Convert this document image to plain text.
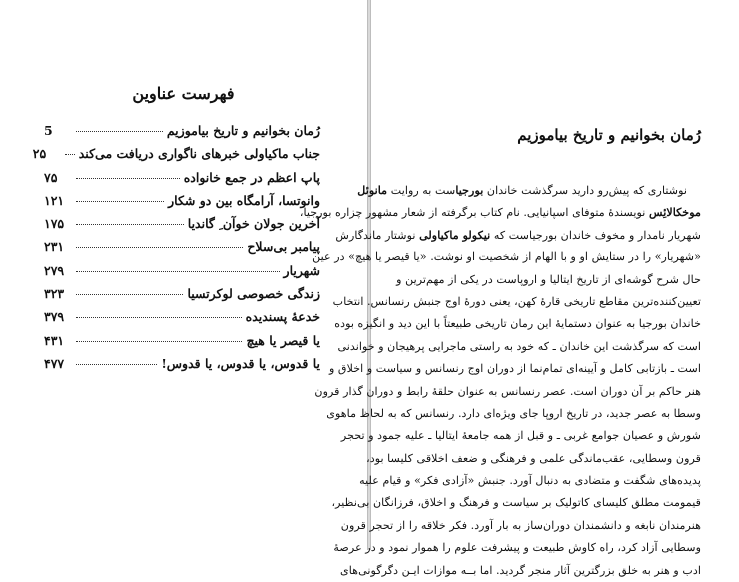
فهرست عناوین
رُمان بخوانیم و تاریخ بیاموزیم
5
جناب ماکیاولی خبرهای ناگواری دریافت می‌کند
۲۵
پاپ اعظم در جمع خانواده
۷۵
وانوتسا، آرامگاه بین دو شکار
۱۲۱
آخرین جولان خوآن ِ گاندیا
۱۷۵
پیامبر بی‌سلاح
۲۳۱
شهریار
۲۷۹
زندگی خصوصی لوکرتسیا
۳۲۳
خدعهٔ پسندیده
۳۷۹
یا قیصر یا هیچ
۴۳۱
یا قدوس، یا قدوس، یا قدوس!
۴۷۷
رُمان بخوانیم و تاریخ بیاموزیم
نوشتاری که پیش‌رو دارید سرگذشت خاندان بورجیاست به روایت مانوئل
موخکا‌لائِس نویسندهٔ متوفای اسپانیایی. نام کتاب برگرفته از شعار مشهور چزاره بورجیا،
شهریار نامدار و مخوف خاندان بورجیاست که نیکولو ماکیاولی نوشتار ماندگارش
«شهریار» را در ستایش او و با الهام از شخصیت او نوشت. «یا قیصر یا هیچ» در عین
حال شرح گوشه‌ای از تاریخ ایتالیا و اروپاست در یکی از مهم‌ترین و
تعیین‌کننده‌ترین مقاطع تاریخی قارهٔ کهن، یعنی دورهٔ اوج جنبش رنسانس. انتخاب
خاندان بورجیا به عنوان دستمایهٔ این رمان تاریخی طبیعتاً با این دید و انگیزه بوده
است که سرگذشت این خاندان ـ که خود به راستی ماجرایی پرهیجان و خواندنی
است ـ بازتابی کامل و آیینه‌ای تمام‌نما از دوران اوج رنسانس و سیاست و اخلاق و
هنر حاکم بر آن دوران است. عصر رنسانس به عنوان حلقهٔ رابط و دوران گذار قرون
وسطا به عصر جدید، در تاریخ اروپا جای ویژه‌ای دارد. رنسانس که به لحاظ ماهوی
شورش و عصیان جوامع غربی ـ و قبل از همه جامعهٔ ایتالیا ـ علیه جمود و تحجر
قرون وسطایی، عقب‌ماندگی علمی و فرهنگی و ضعف اخلاقی کلیسا بود،
پدیده‌های شگفت و متضادی به دنبال آورد. جنبش «آزادی فکر» و قیام علیه
قیمومت مطلق کلیسای کاتولیک بر سیاست و فرهنگ و اخلاق، فرزانگان بی‌نظیر،
هنرمندان نابغه و دانشمندان دوران‌ساز به بار آورد. فکر خلاقه را از تحجر قرون
وسطایی آزاد کرد، راه کاوش طبیعت و پیشرفت علوم را هموار نمود و در عرصهٔ
ادب و هنر به خلق بزرگترین آثار منجر گردید. اما بــه موازات ایـن دگرگونی‌های
